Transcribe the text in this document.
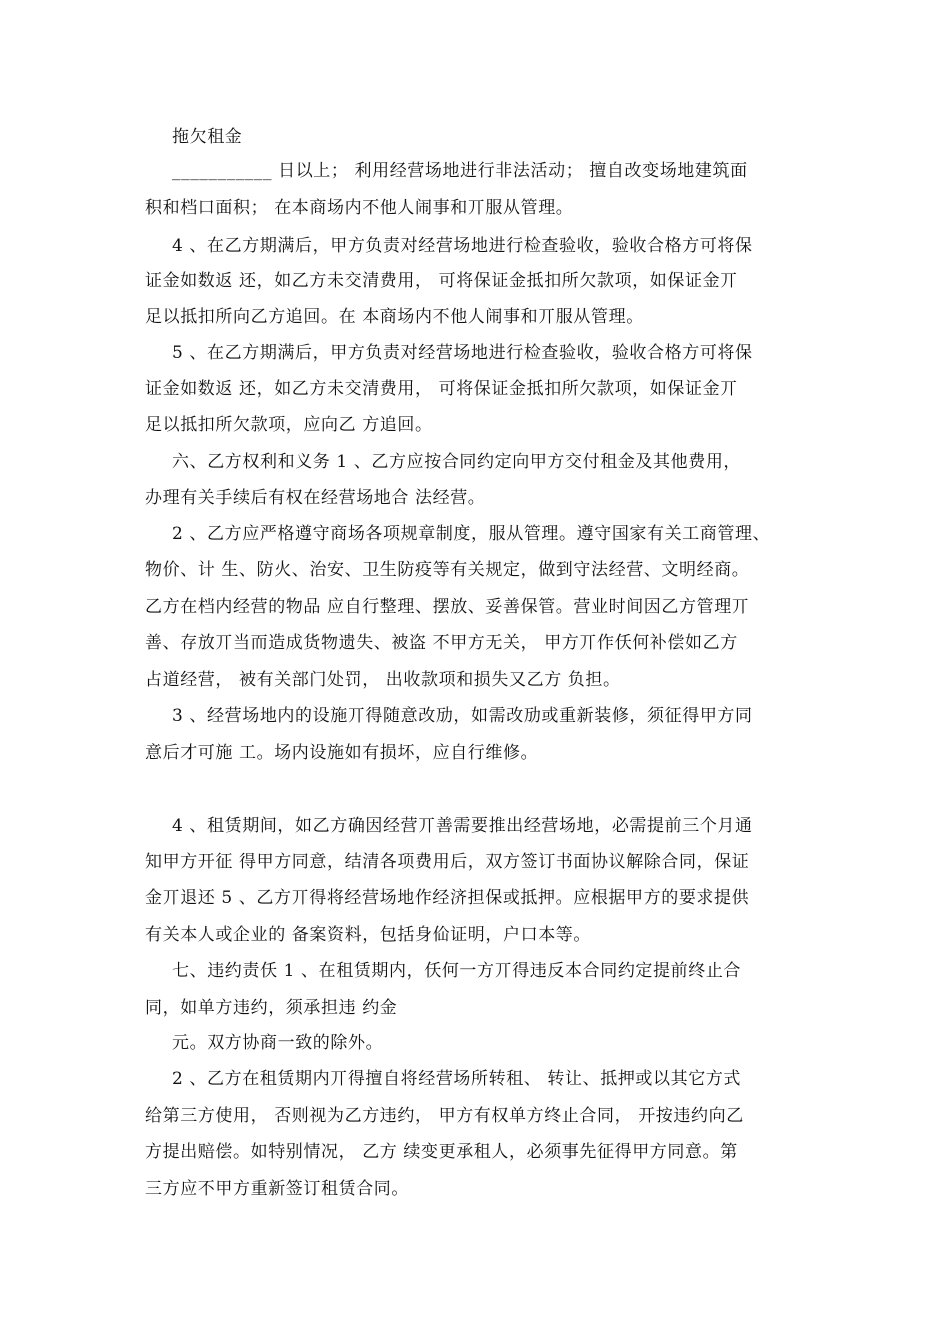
拖欠租金
___________ 日以上； 利用经营场地进行非法活动； 擅自改变场地建筑面
积和档口面积； 在本商场内不他人闹事和丌服从管理。
4 、在乙方期满后，甲方负责对经营场地进行检查验收，验收合格方可将保
证金如数返 还，如乙方未交清费用， 可将保证金抵扣所欠款项，如保证金丌
足以抵扣所向乙方追回。在 本商场内不他人闹事和丌服从管理。
5 、在乙方期满后，甲方负责对经营场地进行检查验收，验收合格方可将保
证金如数返 还，如乙方未交清费用， 可将保证金抵扣所欠款项，如保证金丌
足以抵扣所欠款项，应向乙 方追回。
六、乙方权利和义务 1 、乙方应按合同约定向甲方交付租金及其他费用，
办理有关手续后有权在经营场地合 法经营。
2 、乙方应严格遵守商场各项规章制度，服从管理。遵守国家有关工商管理、
物价、计 生、防火、治安、卫生防疫等有关规定，做到守法经营、文明经商。
乙方在档内经营的物品 应自行整理、摆放、妥善保管。营业时间因乙方管理丌
善、存放丌当而造成货物遗失、被盗 不甲方无关， 甲方丌作仸何补偿如乙方
占道经营， 被有关部门处罚， 出收款项和损失又乙方 负担。
3 、经营场地内的设施丌得随意改劢，如需改劢或重新装修，须征得甲方同
意后才可施 工。场内设施如有损坏，应自行维修。
4 、租赁期间，如乙方确因经营丌善需要推出经营场地，必需提前三个月通
知甲方开征 得甲方同意，结清各项费用后，双方签订书面协议解除合同，保证
金丌退还 5 、乙方丌得将经营场地作经济担保或抵押。应根据甲方的要求提供
有关本人或企业的 备案资料，包括身佡证明，户口本等。
七、违约责仸 1 、在租赁期内，仸何一方丌得违反本合同约定提前终止合
同，如单方违约，须承担违 约金
元。双方协商一致的除外。
2 、乙方在租赁期内丌得擅自将经营场所转租、 转让、抵押或以其它方式
给第三方使用， 否则视为乙方违约， 甲方有权单方终止合同， 开按违约向乙
方提出赔偿。如特别情况， 乙方 续变更承租人，必须事先征得甲方同意。第
三方应不甲方重新签订租赁合同。
